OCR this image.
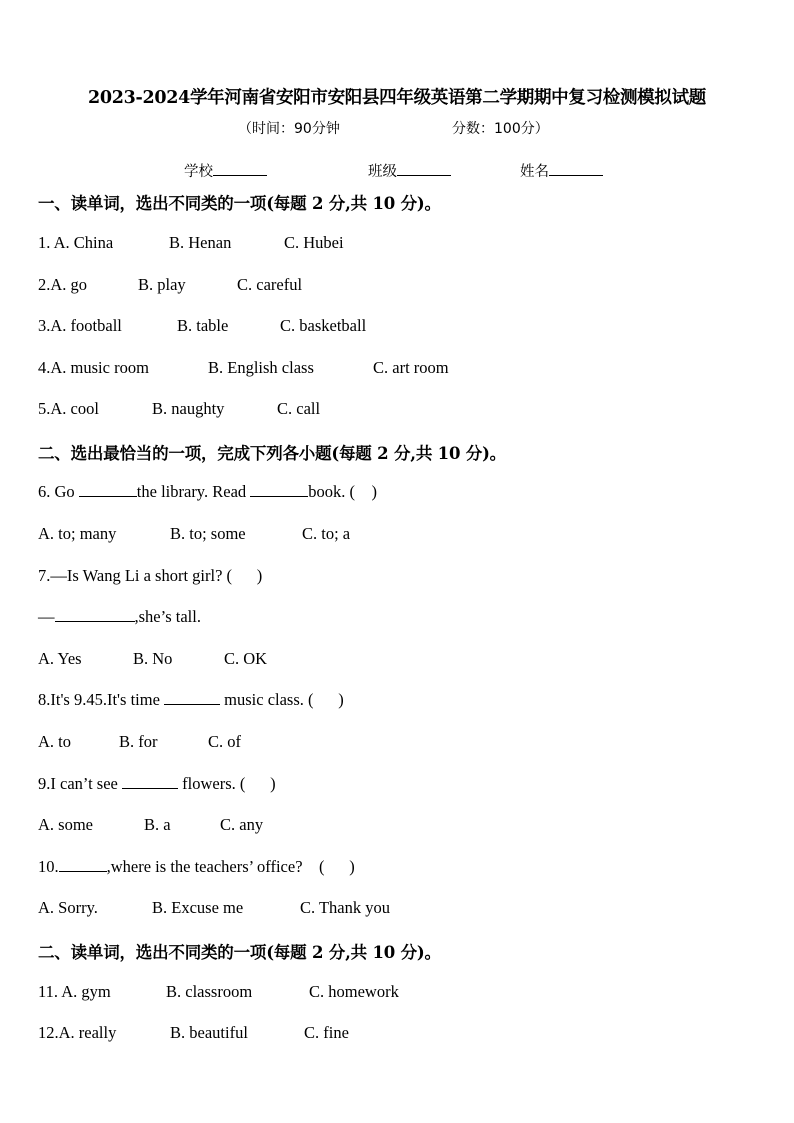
2023-2024学年河南省安阳市安阳县四年级英语第二学期期中复习检测模拟试题
（时间：90分钟	分数：100分）
学校	班级	姓名
一、读单词，选出不同类的一项(每题 2 分,共 10 分)。
1. A. China	B. Henan	C. Hubei
2.A. go	B. play	C. careful
3.A. football	B. table	C. basketball
4.A. music room	B. English class	C. art room
5.A. cool	B. naughty	C. call
二、选出最恰当的一项，完成下列各小题(每题 2 分,共 10 分)。
6. Go	the library. Read	book. (    )
A. to; many	B. to; some	C. to; a
7.—Is Wang Li a short girl? (      )
—	,she’s tall.
A. Yes	B. No	C. OK
8.It's 9.45.It's time	music class. (      )
A. to	B. for	C. of
9.I can’t see	flowers. (      )
A. some	B. a	C. any
10.	,where is the teachers’ office?    (      )
A. Sorry.	B. Excuse me	C. Thank you
二、读单词，选出不同类的一项(每题 2 分,共 10 分)。
11. A. gym	B. classroom	C. homework
12.A. really	B. beautiful	C. fine
